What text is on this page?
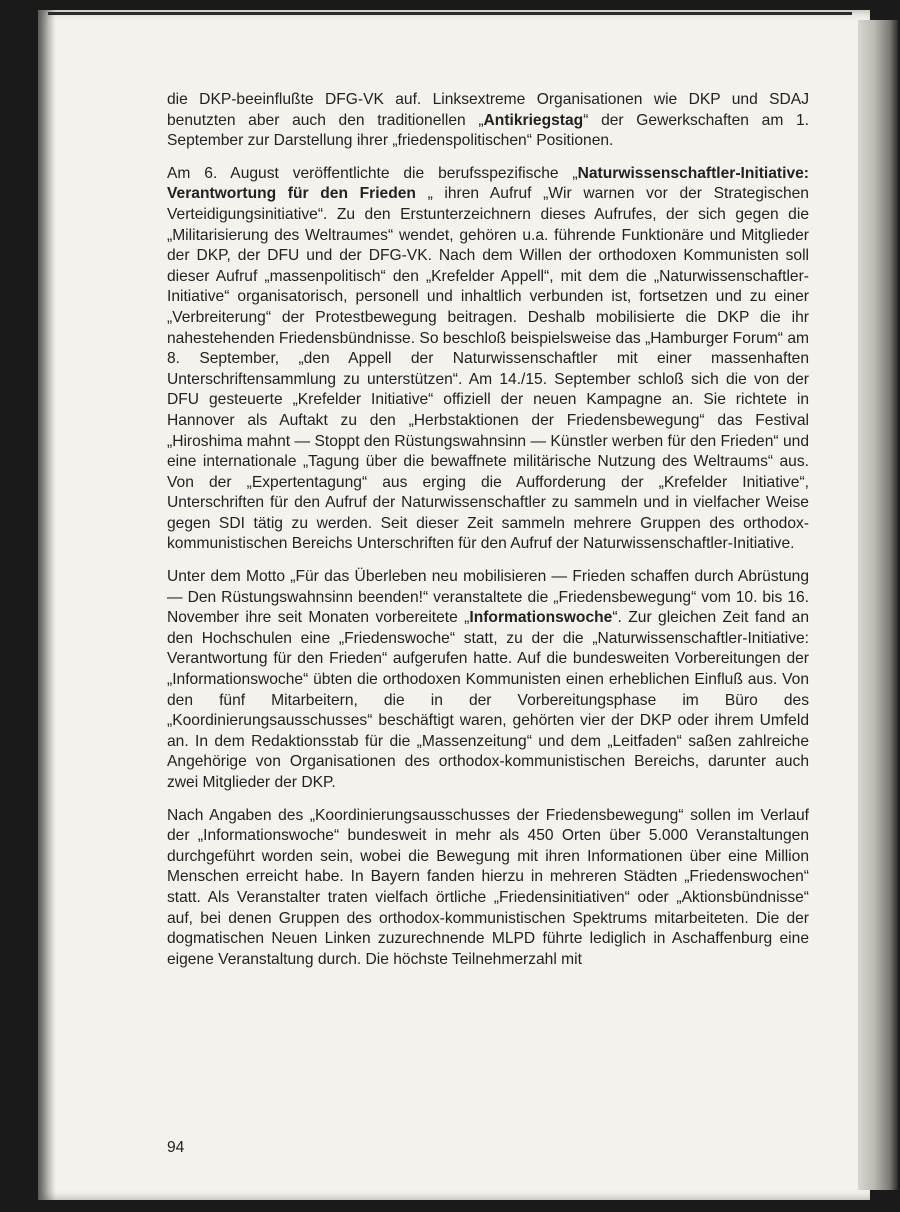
die DKP-beeinflußte DFG-VK auf. Linksextreme Organisationen wie DKP und SDAJ benutzten aber auch den traditionellen „Antikriegstag“ der Gewerkschaften am 1. September zur Darstellung ihrer „friedenspolitischen“ Positionen.

Am 6. August veröffentlichte die berufsspezifische „Naturwissenschaftler-Initiative: Verantwortung für den Frieden „ ihren Aufruf „Wir warnen vor der Strategischen Verteidigungsinitiative“. Zu den Erstunterzeichnern dieses Aufrufes, der sich gegen die „Militarisierung des Weltraumes“ wendet, gehören u.a. führende Funktionäre und Mitglieder der DKP, der DFU und der DFG-VK. Nach dem Willen der orthodoxen Kommunisten soll dieser Aufruf „massenpolitisch“ den „Krefelder Appell“, mit dem die „Naturwissenschaftler- Initiative“ organisatorisch, personell und inhaltlich verbunden ist, fortsetzen und zu einer „Verbreiterung“ der Protestbewegung beitragen. Deshalb mobilisierte die DKP die ihr nahestehenden Friedensbündnisse. So beschloß beispielsweise das „Hamburger Forum“ am 8. September, „den Appell der Naturwissenschaftler mit einer massenhaften Unterschriftensammlung zu unterstützen“. Am 14./15. September schloß sich die von der DFU gesteuerte „Krefelder Initiative“ offiziell der neuen Kampagne an. Sie richtete in Hannover als Auftakt zu den „Herbstaktionen der Friedensbewegung“ das Festival „Hiroshima mahnt — Stoppt den Rüstungswahnsinn — Künstler werben für den Frieden“ und eine internationale „Tagung über die bewaffnete militärische Nutzung des Weltraums“ aus. Von der „Expertentagung“ aus erging die Aufforderung der „Krefelder Initiative“, Unterschriften für den Aufruf der Naturwissenschaftler zu sammeln und in vielfacher Weise gegen SDI tätig zu werden. Seit dieser Zeit sammeln mehrere Gruppen des orthodox-kommunistischen Bereichs Unterschriften für den Aufruf der Naturwissenschaftler-Initiative.

Unter dem Motto „Für das Überleben neu mobilisieren — Frieden schaffen durch Abrüstung — Den Rüstungswahnsinn beenden!“ veranstaltete die „Friedensbewegung“ vom 10. bis 16. November ihre seit Monaten vorbereitete „Informationswoche“. Zur gleichen Zeit fand an den Hochschulen eine „Friedenswoche“ statt, zu der die „Naturwissenschaftler-Initiative: Verantwortung für den Frieden“ aufgerufen hatte. Auf die bundesweiten Vorbereitungen der „Informationswoche“ übten die orthodoxen Kommunisten einen erheblichen Einfluß aus. Von den fünf Mitarbeitern, die in der Vorbereitungsphase im Büro des „Koordinierungsausschusses“ beschäftigt waren, gehörten vier der DKP oder ihrem Umfeld an. In dem Redaktionsstab für die „Massenzeitung“ und dem „Leitfaden“ saßen zahlreiche Angehörige von Organisationen des orthodox-kommunistischen Bereichs, darunter auch zwei Mitglieder der DKP.

Nach Angaben des „Koordinierungsausschusses der Friedensbewegung“ sollen im Verlauf der „Informationswoche“ bundesweit in mehr als 450 Orten über 5.000 Veranstaltungen durchgeführt worden sein, wobei die Bewegung mit ihren Informationen über eine Million Menschen erreicht habe. In Bayern fanden hierzu in mehreren Städten „Friedenswochen“ statt. Als Veranstalter traten vielfach örtliche „Friedensinitiativen“ oder „Aktionsbündnisse“ auf, bei denen Gruppen des orthodox-kommunistischen Spektrums mitarbeiteten. Die der dogmatischen Neuen Linken zuzurechnende MLPD führte lediglich in Aschaffenburg eine eigene Veranstaltung durch. Die höchste Teilnehmerzahl mit

94
